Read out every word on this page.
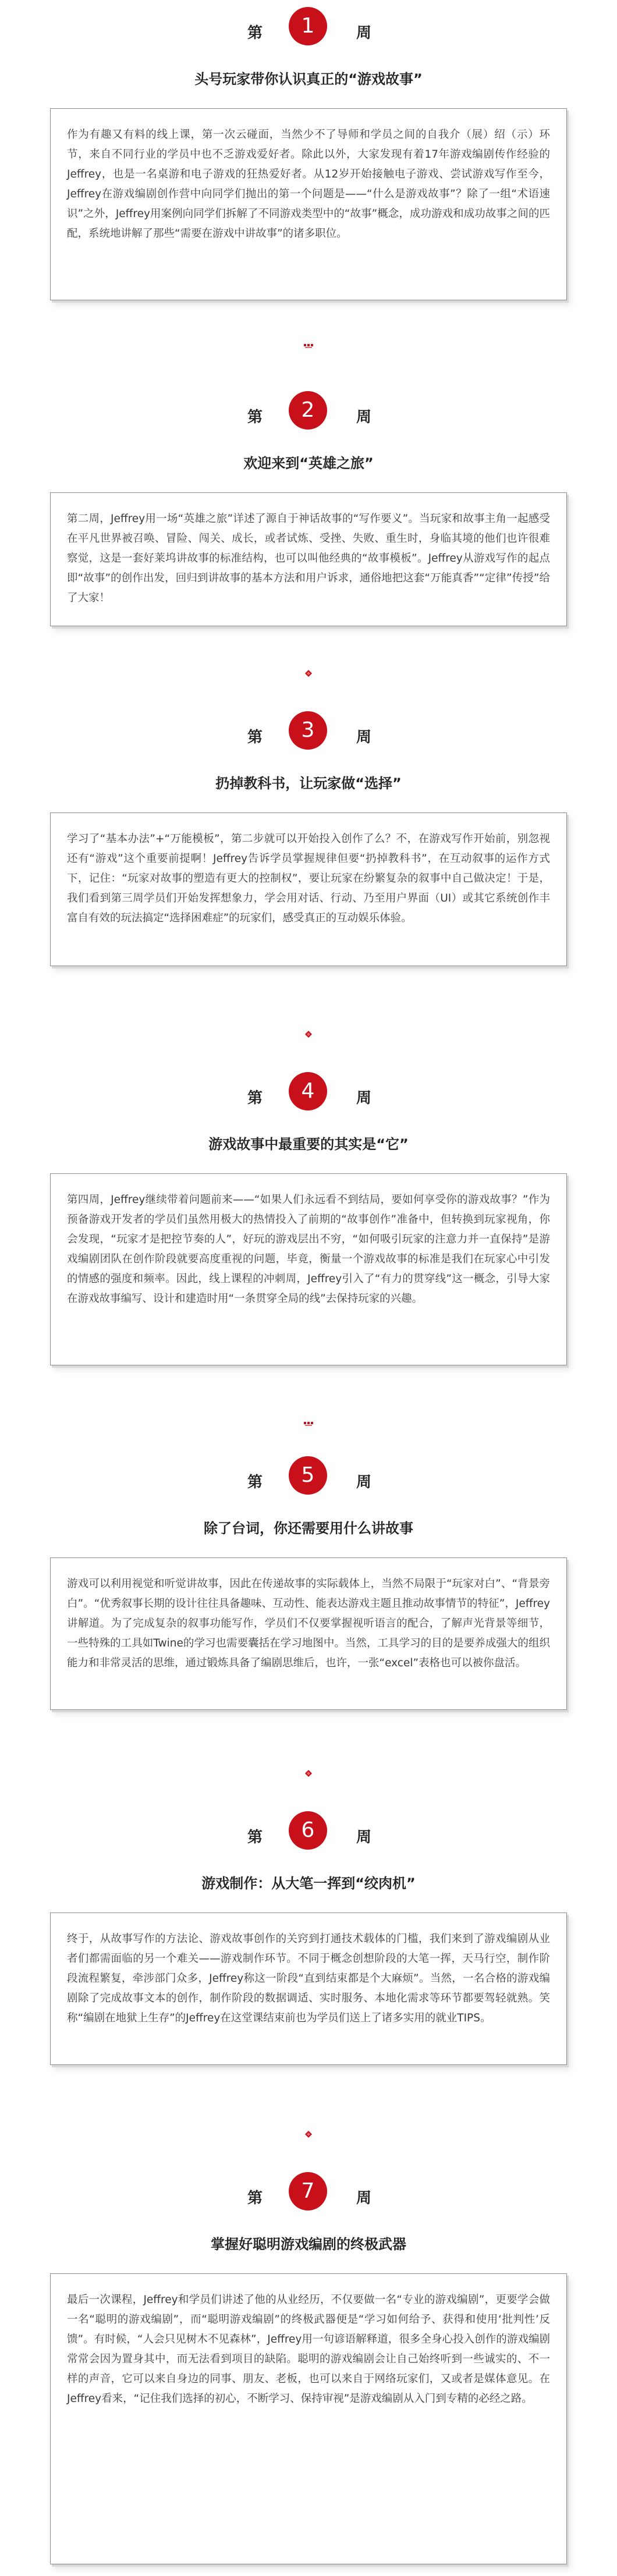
第	1	周
头号玩家带你认识真正的“游戏故事”
作为有趣又有料的线上课，第一次云碰面，当然少不了导师和学员之间的自我介（展）绍（示）环节，来自不同行业的学员中也不乏游戏爱好者。除此以外，大家发现有着17年游戏编剧传作经验的Jeffrey，也是一名桌游和电子游戏的狂热爱好者。从12岁开始接触电子游戏、尝试游戏写作至今，Jeffrey在游戏编剧创作营中向同学们抛出的第一个问题是——“什么是游戏故事”？除了一组“术语速识”之外，Jeffrey用案例向同学们拆解了不同游戏类型中的“故事”概念，成功游戏和成功故事之间的匹配，系统地讲解了那些“需要在游戏中讲故事”的诸多职位。
第	2	周
欢迎来到“英雄之旅”
第二周，Jeffrey用一场“英雄之旅”详述了源自于神话故事的“写作要义”。当玩家和故事主角一起感受在平凡世界被召唤、冒险、闯关、成长，或者试炼、受挫、失败、重生时，身临其境的他们也许很难察觉，这是一套好莱坞讲故事的标准结构，也可以叫他经典的“故事模板”。Jeffrey从游戏写作的起点即“故事”的创作出发，回归到讲故事的基本方法和用户诉求，通俗地把这套“万能真香”“定律”传授”给了大家！
第	3	周
扔掉教科书，让玩家做“选择”
学习了“基本办法”+“万能模板”，第二步就可以开始投入创作了么？不，在游戏写作开始前，别忽视还有“游戏”这个重要前提啊！Jeffrey告诉学员掌握规律但要“扔掉教科书”，在互动叙事的运作方式下，记住：“玩家对故事的塑造有更大的控制权”，要让玩家在纷繁复杂的叙事中自己做决定！于是，我们看到第三周学员们开始发挥想象力，学会用对话、行动、乃至用户界面（UI）或其它系统创作丰富自有效的玩法搞定“选择困难症”的玩家们，感受真正的互动娱乐体验。
第	4	周
游戏故事中最重要的其实是“它”
第四周，Jeffrey继续带着问题前来——“如果人们永远看不到结局，要如何享受你的游戏故事？”作为预备游戏开发者的学员们虽然用极大的热情投入了前期的“故事创作”准备中，但转换到玩家视角，你会发现，“玩家才是把控节奏的人”，好玩的游戏层出不穷，“如何吸引玩家的注意力并一直保持”是游戏编剧团队在创作阶段就要高度重视的问题，毕竟，衡量一个游戏故事的标准是我们在玩家心中引发的情感的强度和频率。因此，线上课程的冲刺周，Jeffrey引入了“有力的贯穿线”这一概念，引导大家在游戏故事编写、设计和建造时用“一条贯穿全局的线”去保持玩家的兴趣。
第	5	周
除了台词，你还需要用什么讲故事
游戏可以利用视觉和听觉讲故事，因此在传递故事的实际载体上，当然不局限于“玩家对白”、“背景旁白”。“优秀叙事长期的设计往往具备趣味、互动性、能表达游戏主题且推动故事情节的特征”，Jeffrey讲解道。为了完成复杂的叙事功能写作，学员们不仅要掌握视听语言的配合，了解声光背景等细节，一些特殊的工具如Twine的学习也需要囊括在学习地图中。当然，工具学习的目的是要养成强大的组织能力和非常灵活的思维，通过锻炼具备了编剧思维后，也许，一张“excel”表格也可以被你盘活。
第	6	周
游戏制作：从大笔一挥到“绞肉机”
终于，从故事写作的方法论、游戏故事创作的关窍到打通技术载体的门槛，我们来到了游戏编剧从业者们都需面临的另一个难关——游戏制作环节。不同于概念创想阶段的大笔一挥，天马行空，制作阶段流程繁复，牵涉部门众多，Jeffrey称这一阶段“直到结束都是个大麻烦”。当然，一名合格的游戏编剧除了完成故事文本的创作，制作阶段的数据调适、实时服务、本地化需求等环节都要驾轻就熟。笑称“编剧在地狱上生存”的Jeffrey在这堂课结束前也为学员们送上了诸多实用的就业TIPS。
第	7	周
掌握好聪明游戏编剧的终极武器
最后一次课程，Jeffrey和学员们讲述了他的从业经历，不仅要做一名“专业的游戏编剧”，更要学会做一名“聪明的游戏编剧”，而“聪明游戏编剧”的终极武器便是“学习如何给予、获得和使用‘批判性’反馈”。有时候，“人会只见树木不见森林”，Jeffrey用一句谚语解释道，很多全身心投入创作的游戏编剧常常会因为置身其中，而无法看到项目的缺陷。聪明的游戏编剧会让自己始终听到一些诚实的、不一样的声音，它可以来自身边的同事、朋友、老板，也可以来自于网络玩家们，又或者是媒体意见。在Jeffrey看来，“记住我们选择的初心，不断学习、保持审视”是游戏编剧从入门到专精的必经之路。
